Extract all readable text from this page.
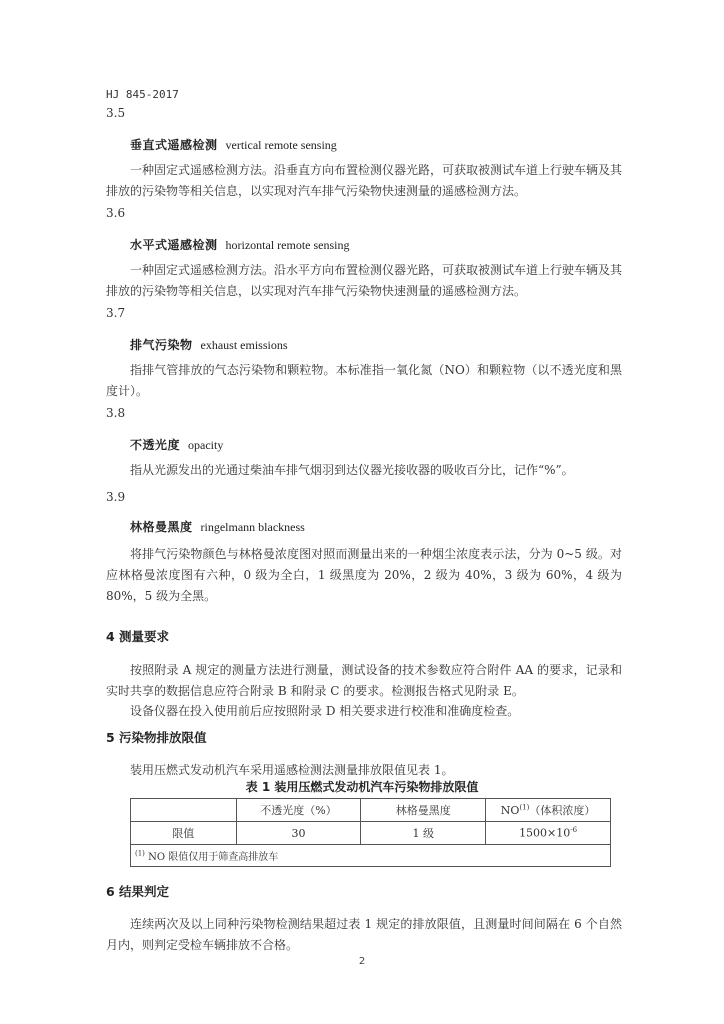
HJ 845-2017
3.5
垂直式遥感检测 vertical remote sensing
一种固定式遥感检测方法。沿垂直方向布置检测仪器光路，可获取被测试车道上行驶车辆及其排放的污染物等相关信息，以实现对汽车排气污染物快速测量的遥感检测方法。
3.6
水平式遥感检测 horizontal remote sensing
一种固定式遥感检测方法。沿水平方向布置检测仪器光路，可获取被测试车道上行驶车辆及其排放的污染物等相关信息，以实现对汽车排气污染物快速测量的遥感检测方法。
3.7
排气污染物 exhaust emissions
指排气管排放的气态污染物和颗粒物。本标准指一氧化氮（NO）和颗粒物（以不透光度和黑度计）。
3.8
不透光度 opacity
指从光源发出的光通过柴油车排气烟羽到达仪器光接收器的吸收百分比，记作“%”。
3.9
林格曼黑度 ringelmann blackness
将排气污染物颜色与林格曼浓度图对照而测量出来的一种烟尘浓度表示法，分为 0~5 级。对应林格曼浓度图有六种，0 级为全白，1 级黑度为 20%，2 级为 40%，3 级为 60%，4 级为 80%，5 级为全黑。
4 测量要求
按照附录 A 规定的测量方法进行测量，测试设备的技术参数应符合附件 AA 的要求，记录和实时共享的数据信息应符合附录 B 和附录 C 的要求。检测报告格式见附录 E。
设备仪器在投入使用前后应按照附录 D 相关要求进行校准和准确度检查。
5 污染物排放限值
装用压燃式发动机汽车采用遥感检测法测量排放限值见表 1。
表 1 装用压燃式发动机汽车污染物排放限值
	不透光度（%）	林格曼黑度	NO$^{(1)}$（体积浓度）
限值	30	1 级	$1500\times 10^{-6}$
$^{(1)}$ NO 限值仅用于筛查高排放车			
6 结果判定
连续两次及以上同种污染物检测结果超过表 1 规定的排放限值，且测量时间间隔在 6 个自然月内，则判定受检车辆排放不合格。
2
